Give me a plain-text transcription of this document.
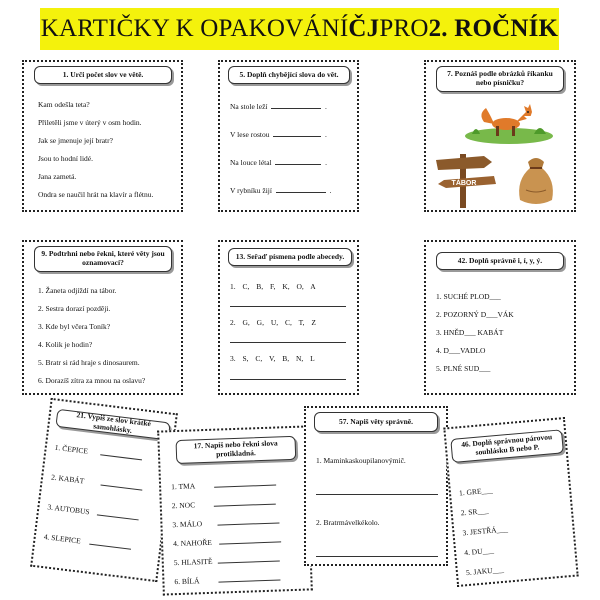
KARTIČKY K OPAKOVÁNÍ ČJ PRO 2. ROČNÍK
1. Urči počet slov ve větě.
Kam odešla teta?
Přiletěli jsme v úterý v osm hodin.
Jak se jmenuje její bratr?
Jsou to hodní lidé.
Jana zametá.
Ondra se naučil hrát na klavír a flétnu.
5. Doplň chybějící slova do vět.
Na stole leží	.
V lese rostou	.
Na louce létal	.
V rybníku žijí	.
7. Poznáš podle obrázků říkanku nebo písničku?
TÁBOR
9. Podtrhni nebo řekni, které věty jsou oznamovací?
1. Žaneta odjíždí na tábor.
2. Sestra dorazí později.
3. Kde byl včera Toník?
4. Kolik je hodin?
5. Bratr si rád hraje s dinosaurem.
6. Dorazíš zítra za mnou na oslavu?
13. Seřaď písmena podle abecedy.
1. C, B, F, K, O, A
2. G, G, U, C, T, Z
3. S, C, V, B, N, L
42. Doplň správně i, í, y, ý.
1. SUCHÉ PLOD___
2. POZORNÝ D___VÁK
3. HNĚD___ KABÁT
4. D___VADLO
5. PLNÉ SUD___
21. Vypiš ze slov krátké samohlásky.
1. ČEPICE
2. KABÁT
3. AUTOBUS
4. SLEPICE
17. Napiš nebo řekni slova protikladná.
1. TMA
2. NOC
3. MÁLO
4. NAHOŘE
5. HLASITĚ
6. BÍLÁ
57. Napiš věty správně.
1. Maminkaskoupilanovýmič.
2. Bratrmávelkékolo.
46. Doplň správnou párovou souhlásku B nebo P.
1. GRE___
2. SR___
3. JESTŘÁ___
4. DU___
5. JAKU___
